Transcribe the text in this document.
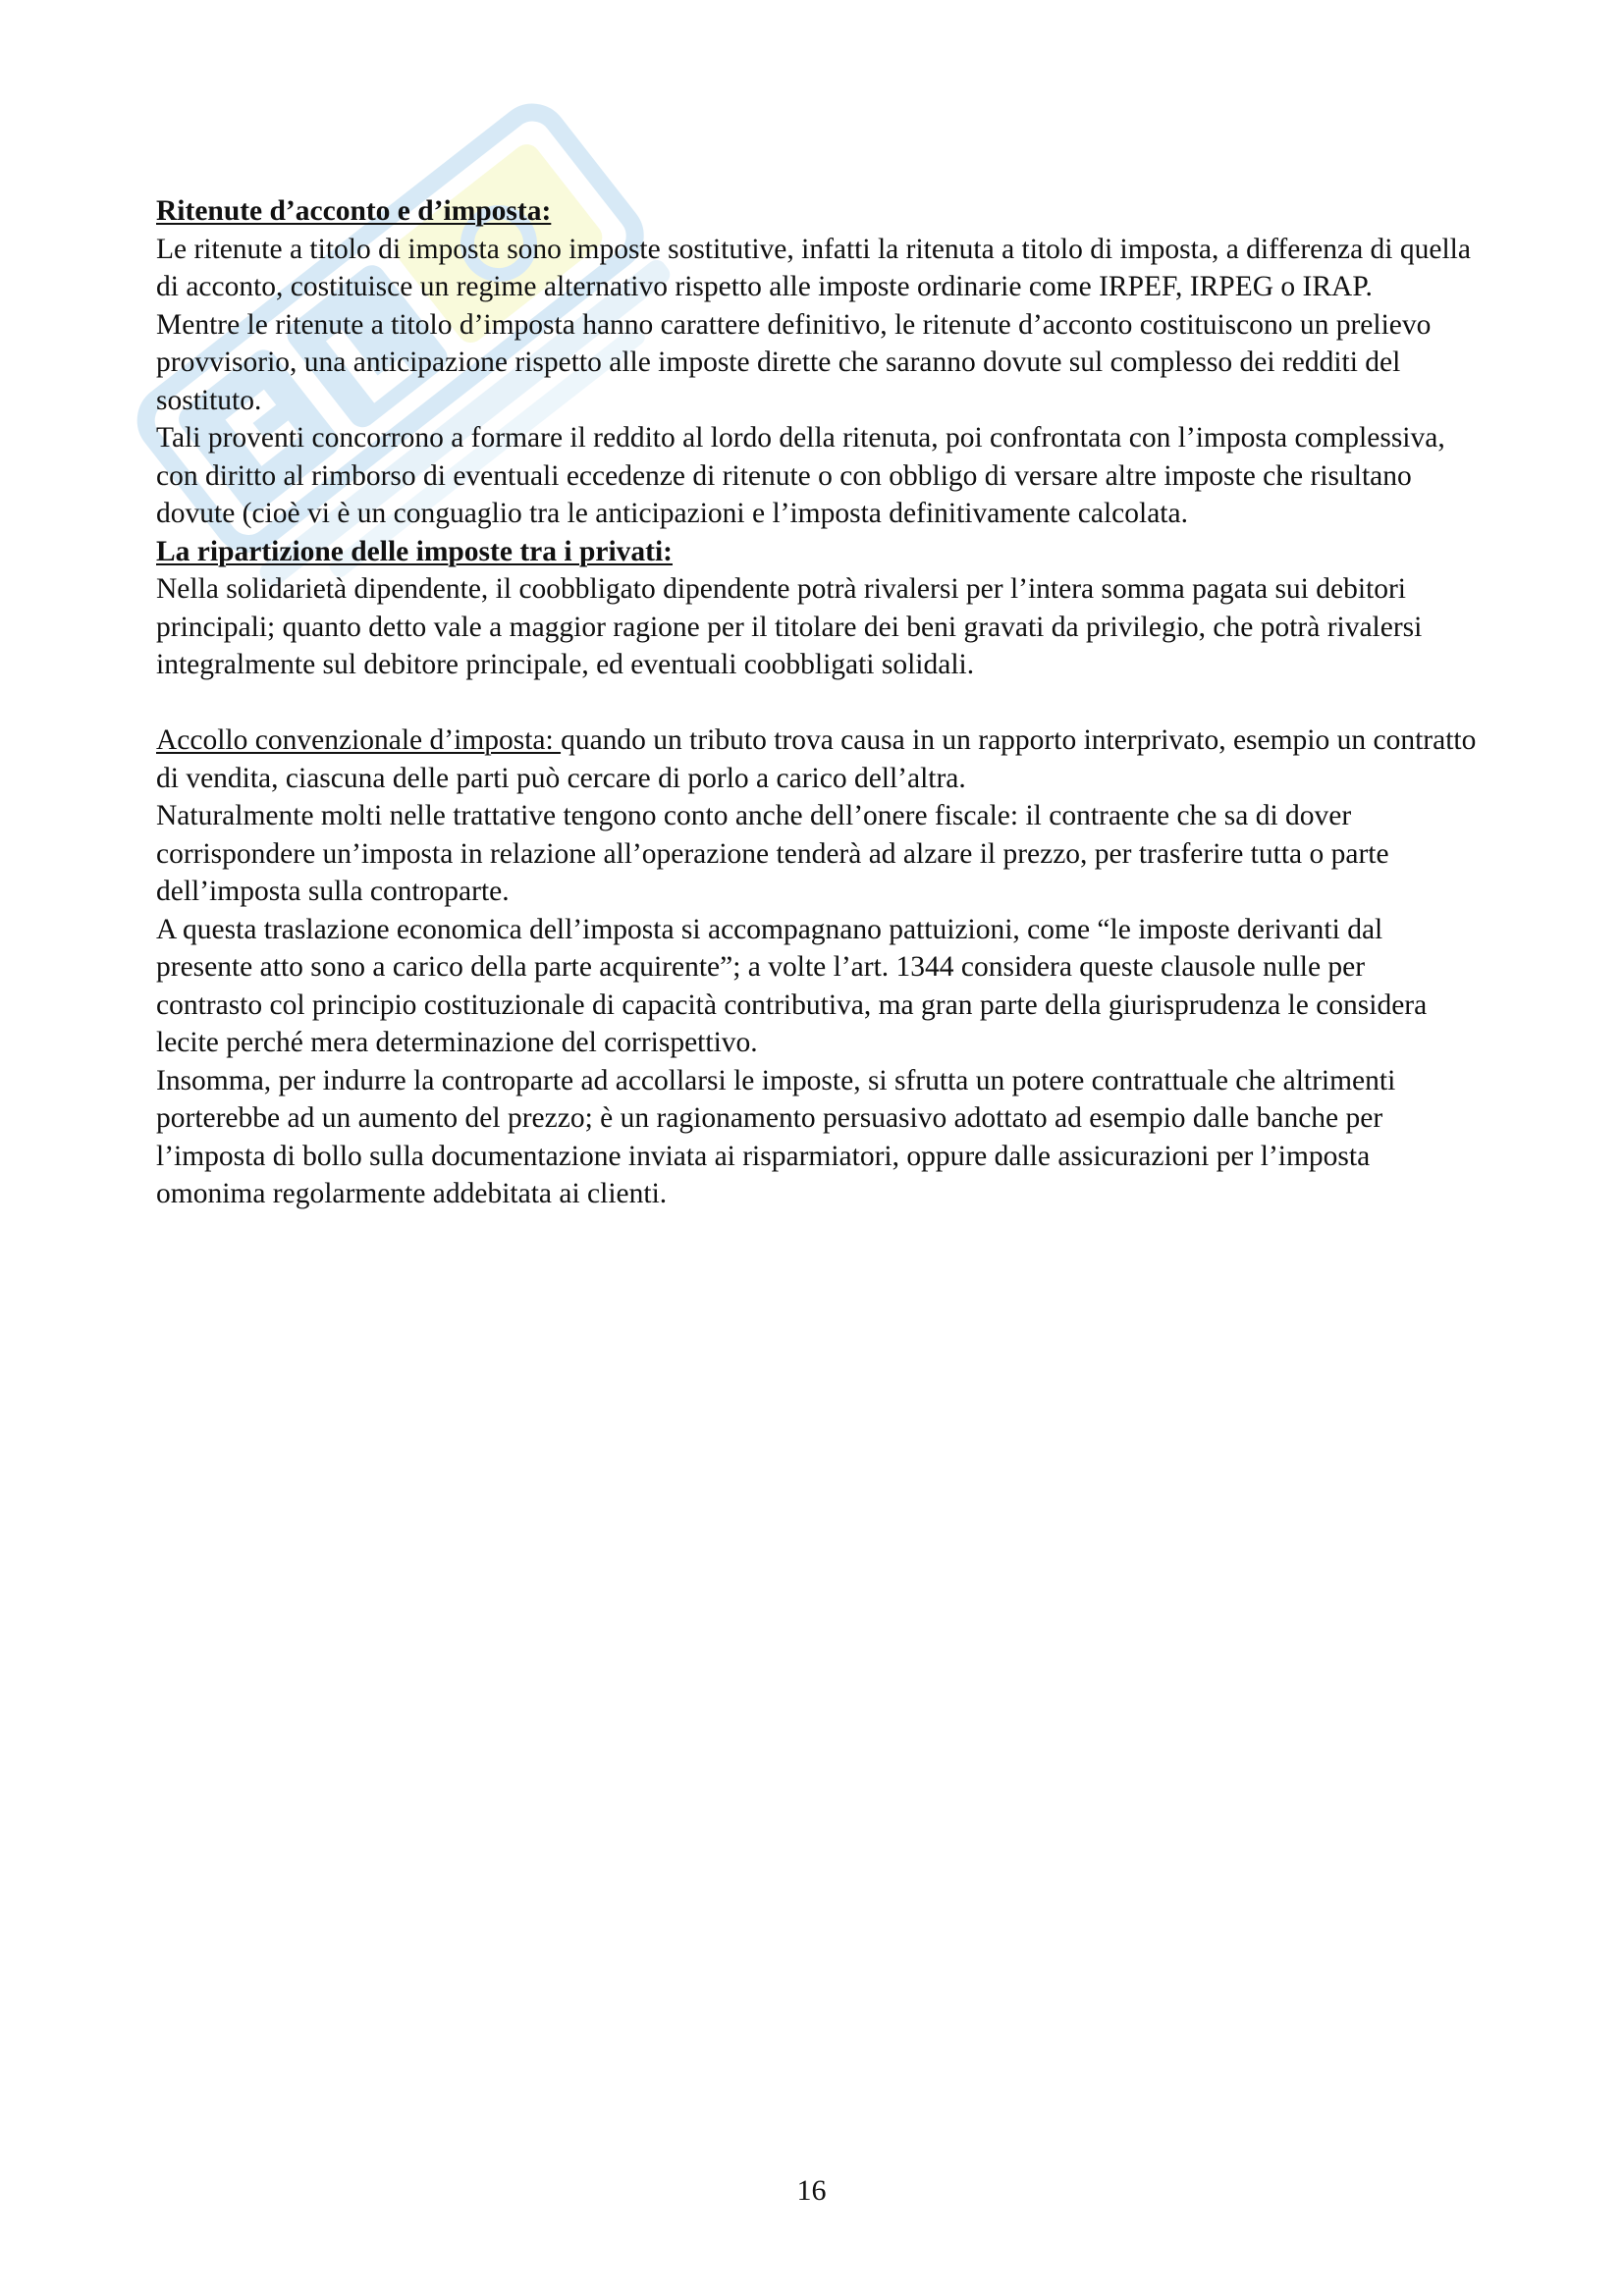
Ritenute d’acconto e d’imposta:

Le ritenute a titolo di imposta sono imposte sostitutive, infatti la ritenuta a titolo di imposta, a differenza di quella di acconto, costituisce un regime alternativo rispetto alle imposte ordinarie come IRPEF, IRPEG o IRAP.

Mentre le ritenute a titolo d’imposta hanno carattere definitivo, le ritenute d’acconto costituiscono un prelievo provvisorio, una anticipazione rispetto alle imposte dirette che saranno dovute sul complesso dei redditi del sostituto.

Tali proventi concorrono a formare il reddito al lordo della ritenuta, poi confrontata con l’imposta complessiva, con diritto al rimborso di eventuali eccedenze di ritenute o con obbligo di versare altre imposte che risultano dovute (cioè vi è un conguaglio tra le anticipazioni e l’imposta definitivamente calcolata.

La ripartizione delle imposte tra i privati:

Nella solidarietà dipendente, il coobbligato dipendente potrà rivalersi per l’intera somma pagata sui debitori principali; quanto detto vale a maggior ragione per il titolare dei beni gravati da privilegio, che potrà rivalersi integralmente sul debitore principale, ed eventuali coobbligati solidali.

Accollo convenzionale d’imposta: quando un tributo trova causa in un rapporto interprivato, esempio un contratto di vendita, ciascuna delle parti può cercare di porlo a carico dell’altra.

Naturalmente molti nelle trattative tengono conto anche dell’onere fiscale: il contraente che sa di dover corrispondere un’imposta in relazione all’operazione tenderà ad alzare il prezzo, per trasferire tutta o parte dell’imposta sulla controparte.

A questa traslazione economica dell’imposta si accompagnano pattuizioni, come “le imposte derivanti dal presente atto sono a carico della parte acquirente”; a volte l’art. 1344 considera queste clausole nulle per contrasto col principio costituzionale di capacità contributiva, ma gran parte della giurisprudenza le considera lecite perché mera determinazione del corrispettivo.

Insomma, per indurre la controparte ad accollarsi le imposte, si sfrutta un potere contrattuale che altrimenti porterebbe ad un aumento del prezzo; è un ragionamento persuasivo adottato ad esempio dalle banche per l’imposta di bollo sulla documentazione inviata ai risparmiatori, oppure dalle assicurazioni per l’imposta omonima regolarmente addebitata ai clienti.

16
